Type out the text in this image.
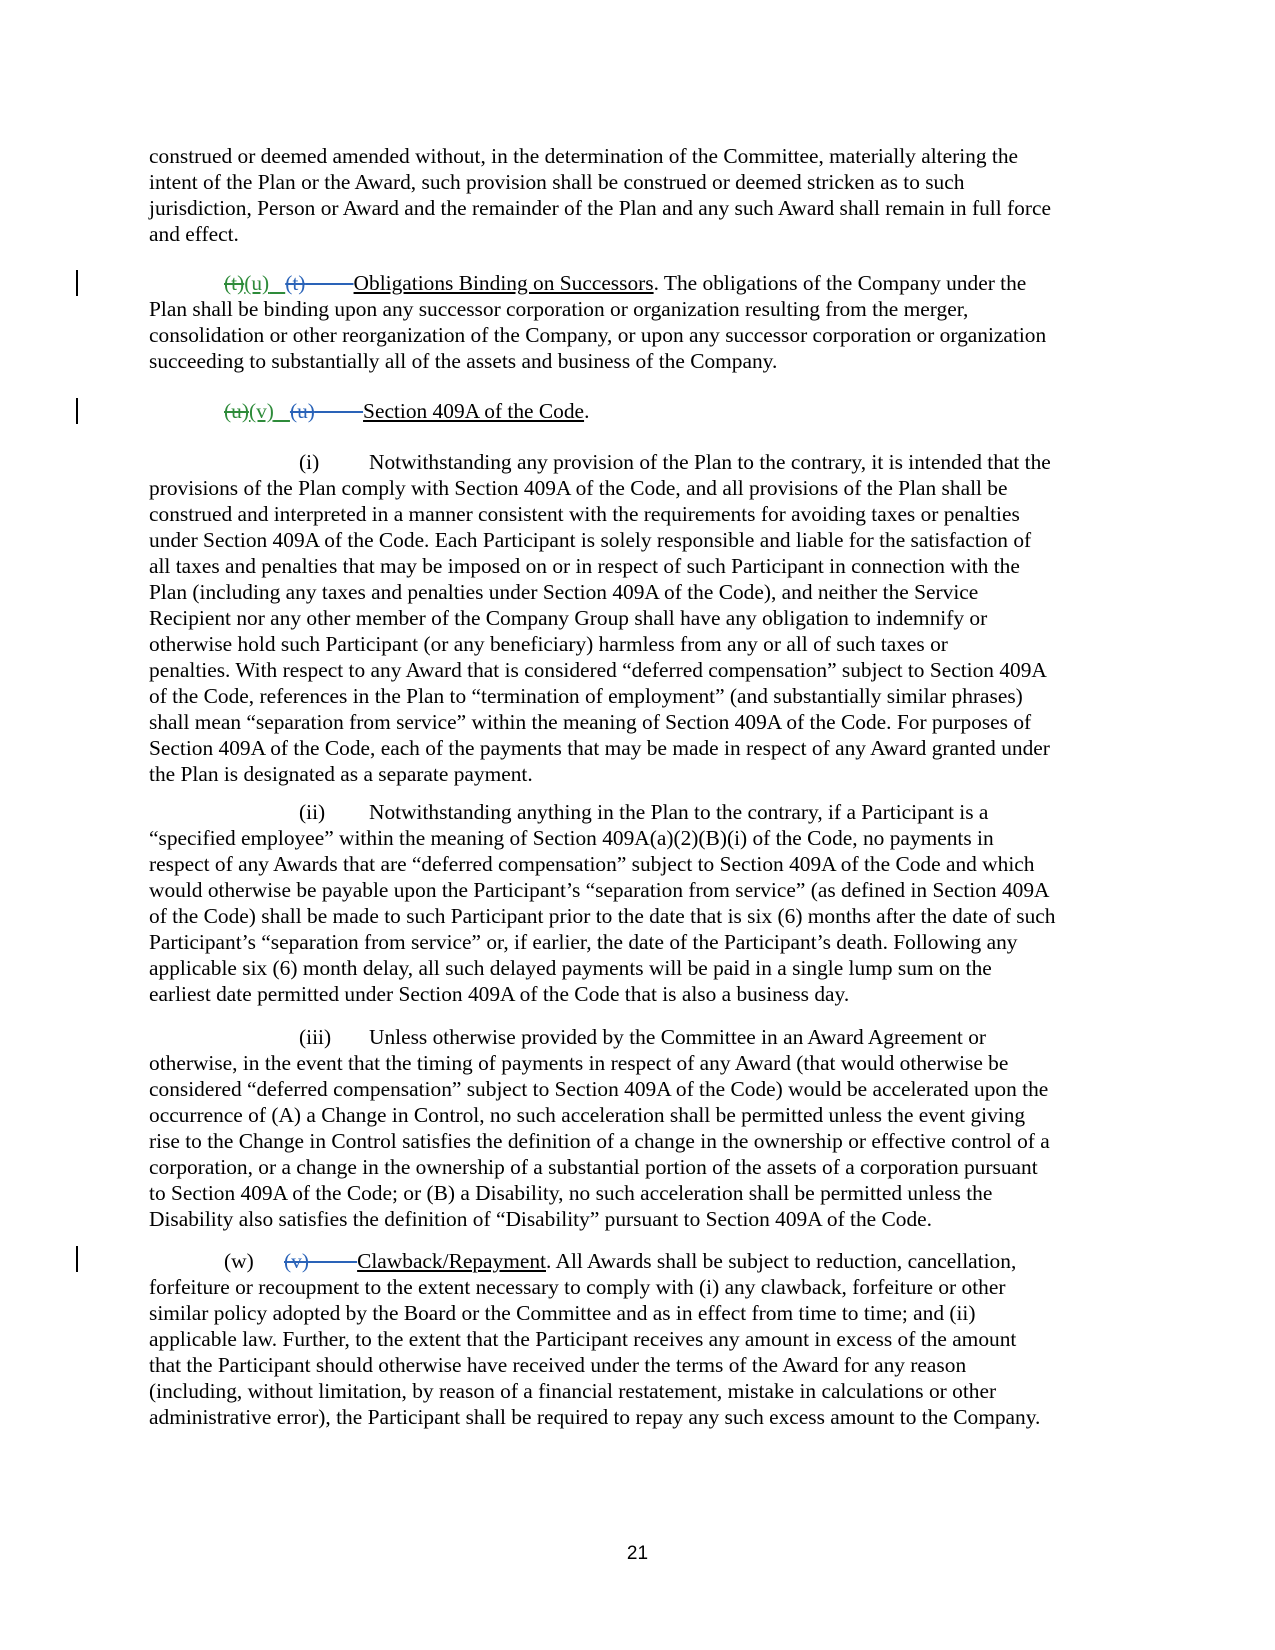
construed or deemed amended without, in the determination of the Committee, materially altering the
intent of the Plan or the Award, such provision shall be construed or deemed stricken as to such
jurisdiction, Person or Award and the remainder of the Plan and any such Award shall remain in full force
and effect.
(t)(u) (t) Obligations Binding on Successors. The obligations of the Company under the
Plan shall be binding upon any successor corporation or organization resulting from the merger,
consolidation or other reorganization of the Company, or upon any successor corporation or organization
succeeding to substantially all of the assets and business of the Company.
(u)(v) (u) Section 409A of the Code.
(i) Notwithstanding any provision of the Plan to the contrary, it is intended that the
provisions of the Plan comply with Section 409A of the Code, and all provisions of the Plan shall be
construed and interpreted in a manner consistent with the requirements for avoiding taxes or penalties
under Section 409A of the Code. Each Participant is solely responsible and liable for the satisfaction of
all taxes and penalties that may be imposed on or in respect of such Participant in connection with the
Plan (including any taxes and penalties under Section 409A of the Code), and neither the Service
Recipient nor any other member of the Company Group shall have any obligation to indemnify or
otherwise hold such Participant (or any beneficiary) harmless from any or all of such taxes or
penalties. With respect to any Award that is considered “deferred compensation” subject to Section 409A
of the Code, references in the Plan to “termination of employment” (and substantially similar phrases)
shall mean “separation from service” within the meaning of Section 409A of the Code. For purposes of
Section 409A of the Code, each of the payments that may be made in respect of any Award granted under
the Plan is designated as a separate payment.
(ii) Notwithstanding anything in the Plan to the contrary, if a Participant is a
“specified employee” within the meaning of Section 409A(a)(2)(B)(i) of the Code, no payments in
respect of any Awards that are “deferred compensation” subject to Section 409A of the Code and which
would otherwise be payable upon the Participant’s “separation from service” (as defined in Section 409A
of the Code) shall be made to such Participant prior to the date that is six (6) months after the date of such
Participant’s “separation from service” or, if earlier, the date of the Participant’s death. Following any
applicable six (6) month delay, all such delayed payments will be paid in a single lump sum on the
earliest date permitted under Section 409A of the Code that is also a business day.
(iii) Unless otherwise provided by the Committee in an Award Agreement or
otherwise, in the event that the timing of payments in respect of any Award (that would otherwise be
considered “deferred compensation” subject to Section 409A of the Code) would be accelerated upon the
occurrence of (A) a Change in Control, no such acceleration shall be permitted unless the event giving
rise to the Change in Control satisfies the definition of a change in the ownership or effective control of a
corporation, or a change in the ownership of a substantial portion of the assets of a corporation pursuant
to Section 409A of the Code; or (B) a Disability, no such acceleration shall be permitted unless the
Disability also satisfies the definition of “Disability” pursuant to Section 409A of the Code.
(w) (v) Clawback/Repayment. All Awards shall be subject to reduction, cancellation,
forfeiture or recoupment to the extent necessary to comply with (i) any clawback, forfeiture or other
similar policy adopted by the Board or the Committee and as in effect from time to time; and (ii)
applicable law. Further, to the extent that the Participant receives any amount in excess of the amount
that the Participant should otherwise have received under the terms of the Award for any reason
(including, without limitation, by reason of a financial restatement, mistake in calculations or other
administrative error), the Participant shall be required to repay any such excess amount to the Company.
21
